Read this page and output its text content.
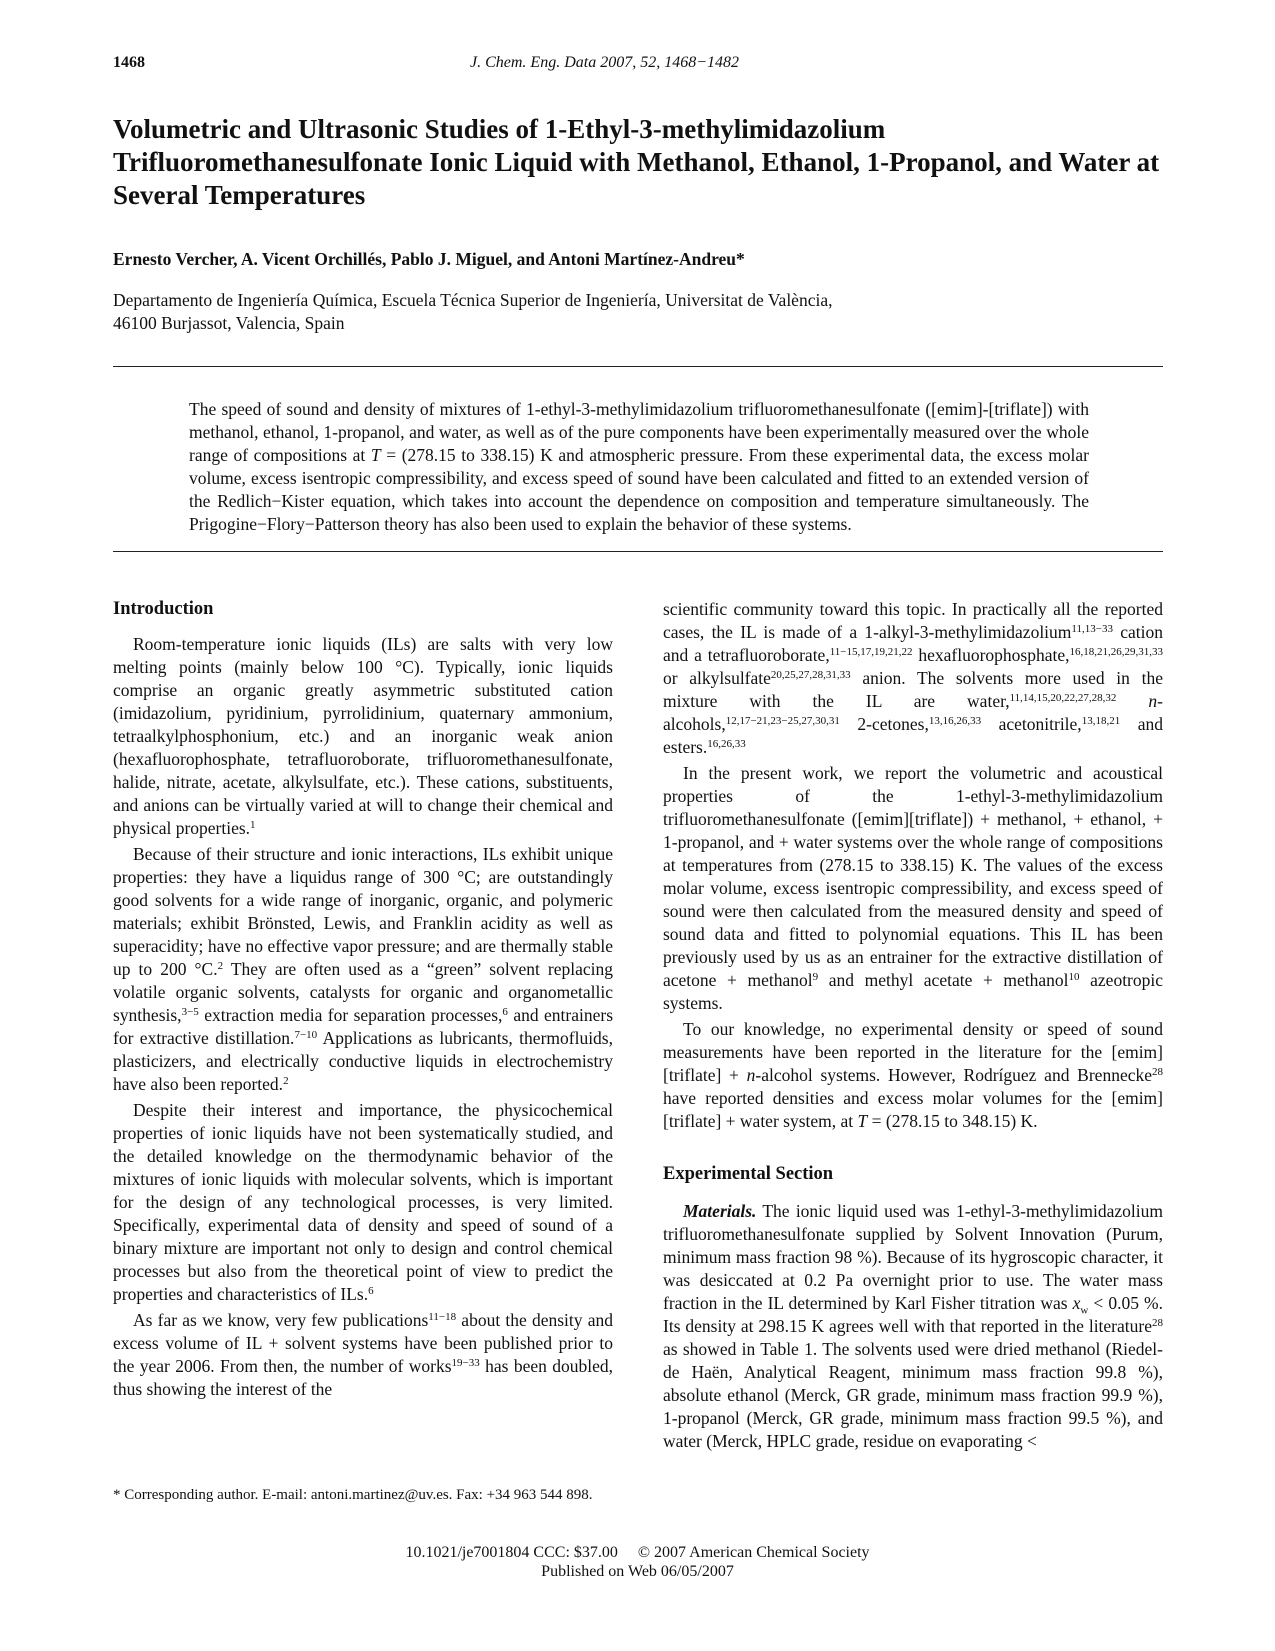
1468	J. Chem. Eng. Data 2007, 52, 1468−1482
Volumetric and Ultrasonic Studies of 1-Ethyl-3-methylimidazolium Trifluoromethanesulfonate Ionic Liquid with Methanol, Ethanol, 1-Propanol, and Water at Several Temperatures
Ernesto Vercher, A. Vicent Orchillés, Pablo J. Miguel, and Antoni Martínez-Andreu*
Departamento de Ingeniería Química, Escuela Técnica Superior de Ingeniería, Universitat de València,
46100 Burjassot, Valencia, Spain
The speed of sound and density of mixtures of 1-ethyl-3-methylimidazolium trifluoromethanesulfonate ([emim]-[triflate]) with methanol, ethanol, 1-propanol, and water, as well as of the pure components have been experimentally measured over the whole range of compositions at T = (278.15 to 338.15) K and atmospheric pressure. From these experimental data, the excess molar volume, excess isentropic compressibility, and excess speed of sound have been calculated and fitted to an extended version of the Redlich−Kister equation, which takes into account the dependence on composition and temperature simultaneously. The Prigogine−Flory−Patterson theory has also been used to explain the behavior of these systems.
Introduction

Room-temperature ionic liquids (ILs) are salts with very low melting points (mainly below 100 °C). Typically, ionic liquids comprise an organic greatly asymmetric substituted cation (imidazolium, pyridinium, pyrrolidinium, quaternary ammonium, tetraalkylphosphonium, etc.) and an inorganic weak anion (hexafluorophosphate, tetrafluoroborate, trifluoromethanesulfonate, halide, nitrate, acetate, alkylsulfate, etc.). These cations, substituents, and anions can be virtually varied at will to change their chemical and physical properties.$^1$

Because of their structure and ionic interactions, ILs exhibit unique properties: they have a liquidus range of 300 °C; are outstandingly good solvents for a wide range of inorganic, organic, and polymeric materials; exhibit Brönsted, Lewis, and Franklin acidity as well as superacidity; have no effective vapor pressure; and are thermally stable up to 200 °C.$^2$ They are often used as a “green” solvent replacing volatile organic solvents, catalysts for organic and organometallic synthesis,$^{3-5}$ extraction media for separation processes,$^6$ and entrainers for extractive distillation.$^{7-10}$ Applications as lubricants, thermofluids, plasticizers, and electrically conductive liquids in electrochemistry have also been reported.$^2$

Despite their interest and importance, the physicochemical properties of ionic liquids have not been systematically studied, and the detailed knowledge on the thermodynamic behavior of the mixtures of ionic liquids with molecular solvents, which is important for the design of any technological processes, is very limited. Specifically, experimental data of density and speed of sound of a binary mixture are important not only to design and control chemical processes but also from the theoretical point of view to predict the properties and characteristics of ILs.$^6$

As far as we know, very few publications$^{11-18}$ about the density and excess volume of IL + solvent systems have been published prior to the year 2006. From then, the number of works$^{19-33}$ has been doubled, thus showing the interest of the

* Corresponding author. E-mail: antoni.martinez@uv.es. Fax: +34 963 544 898.

scientific community toward this topic. In practically all the reported cases, the IL is made of a 1-alkyl-3-methylimidazolium$^{11,13-33}$ cation and a tetrafluoroborate,$^{11-15,17,19,21,22}$ hexafluorophosphate,$^{16,18,21,26,29,31,33}$ or alkylsulfate$^{20,25,27,28,31,33}$ anion. The solvents more used in the mixture with the IL are water,$^{11,14,15,20,22,27,28,32}$ n-alcohols,$^{12,17-21,23-25,27,30,31}$ 2-cetones,$^{13,16,26,33}$ acetonitrile,$^{13,18,21}$ and esters.$^{16,26,33}$

In the present work, we report the volumetric and acoustical properties of the 1-ethyl-3-methylimidazolium trifluoromethanesulfonate ([emim][triflate]) + methanol, + ethanol, + 1-propanol, and + water systems over the whole range of compositions at temperatures from (278.15 to 338.15) K. The values of the excess molar volume, excess isentropic compressibility, and excess speed of sound were then calculated from the measured density and speed of sound data and fitted to polynomial equations. This IL has been previously used by us as an entrainer for the extractive distillation of acetone + methanol$^9$ and methyl acetate + methanol$^{10}$ azeotropic systems.

To our knowledge, no experimental density or speed of sound measurements have been reported in the literature for the [emim][triflate] + n-alcohol systems. However, Rodríguez and Brennecke$^{28}$ have reported densities and excess molar volumes for the [emim][triflate] + water system, at T = (278.15 to 348.15) K.

Experimental Section

Materials. The ionic liquid used was 1-ethyl-3-methylimidazolium trifluoromethanesulfonate supplied by Solvent Innovation (Purum, minimum mass fraction 98 %). Because of its hygroscopic character, it was desiccated at 0.2 Pa overnight prior to use. The water mass fraction in the IL determined by Karl Fisher titration was $x_w < 0.05$ %. Its density at 298.15 K agrees well with that reported in the literature$^{28}$ as showed in Table 1. The solvents used were dried methanol (Riedel-de Haën, Analytical Reagent, minimum mass fraction 99.8 %), absolute ethanol (Merck, GR grade, minimum mass fraction 99.9 %), 1-propanol (Merck, GR grade, minimum mass fraction 99.5 %), and water (Merck, HPLC grade, residue on evaporating <

10.1021/je7001804 CCC: $37.00     © 2007 American Chemical Society
Published on Web 06/05/2007
